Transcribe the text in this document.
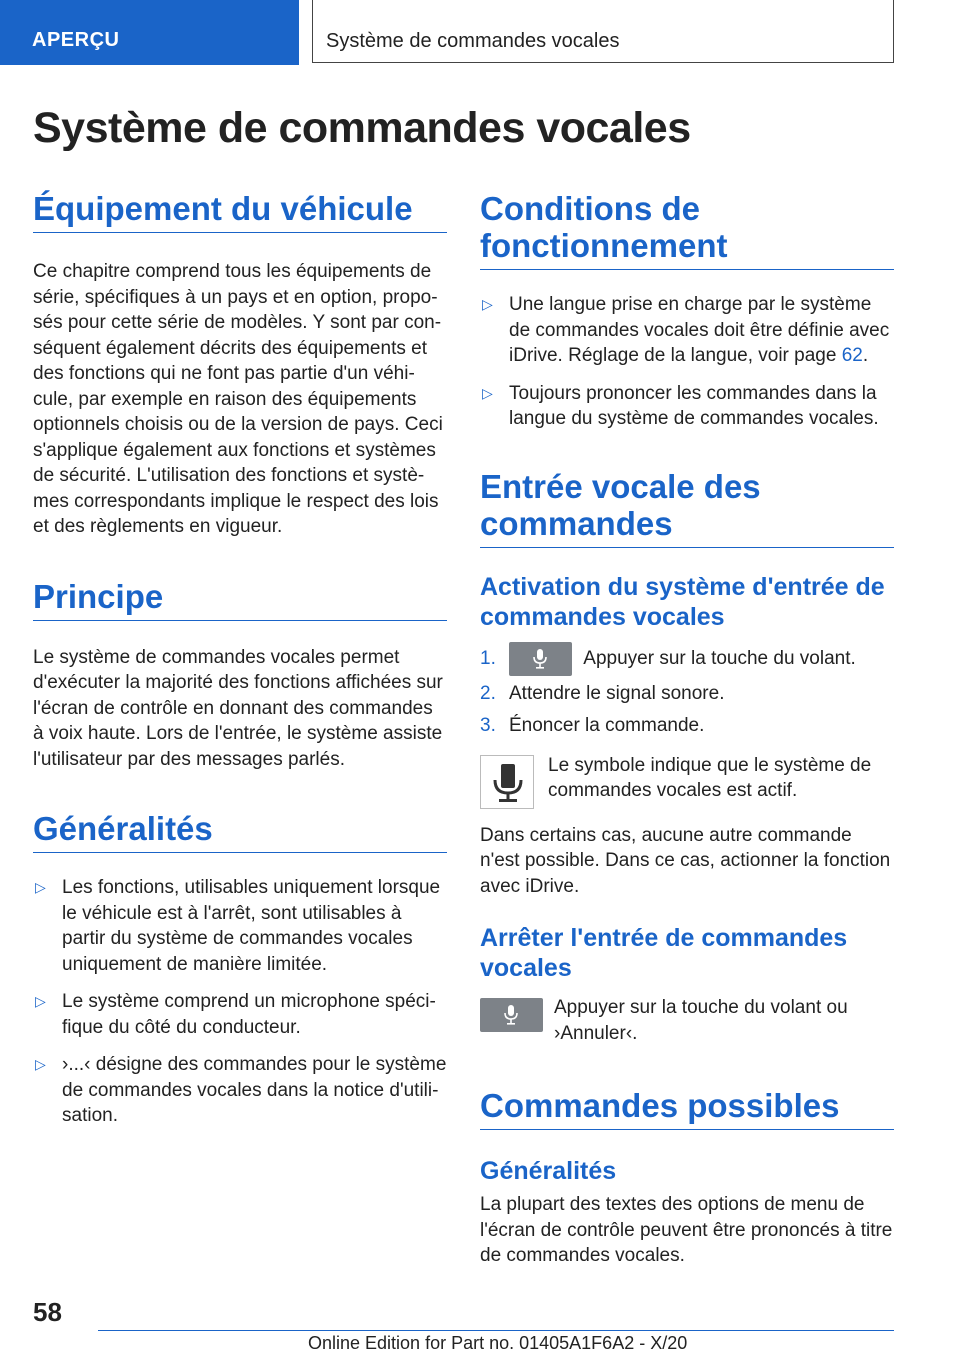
APERÇU	Système de commandes vocales
Système de commandes vocales
Équipement du véhicule

Ce chapitre comprend tous les équipements de série, spécifiques à un pays et en option, proposés pour cette série de modèles. Y sont par conséquent également décrits des équipements et des fonctions qui ne font pas partie d'un véhicule, par exemple en raison des équipements optionnels choisis ou de la version de pays. Ceci s'applique également aux fonctions et systèmes de sécurité. L'utilisation des fonctions et systèmes correspondants implique le respect des lois et des règlements en vigueur.

Principe

Le système de commandes vocales permet d'exécuter la majorité des fonctions affichées sur l'écran de contrôle en donnant des commandes à voix haute. Lors de l'entrée, le système assiste l'utilisateur par des messages parlés.

Généralités
▷ Les fonctions, utilisables uniquement lorsque le véhicule est à l'arrêt, sont utilisables à partir du système de commandes vocales uniquement de manière limitée.
▷ Le système comprend un microphone spécifique du côté du conducteur.
▷ ›...‹ désigne des commandes pour le système de commandes vocales dans la notice d'utilisation.
Conditions de fonctionnement
▷ Une langue prise en charge par le système de commandes vocales doit être définie avec iDrive. Réglage de la langue, voir page 62.
▷ Toujours prononcer les commandes dans la langue du système de commandes vocales.
Entrée vocale des commandes
Activation du système d'entrée de commandes vocales
1.	Appuyer sur la touche du volant.
2. Attendre le signal sonore.
3. Énoncer la commande.

Le symbole indique que le système de commandes vocales est actif.

Dans certains cas, aucune autre commande n'est possible. Dans ce cas, actionner la fonction avec iDrive.

Arrêter l'entrée de commandes vocales

Appuyer sur la touche du volant ou ›Annuler‹.

Commandes possibles
Généralités

La plupart des textes des options de menu de l'écran de contrôle peuvent être prononcés à titre de commandes vocales.

58

Online Edition for Part no. 01405A1F6A2 - X/20
